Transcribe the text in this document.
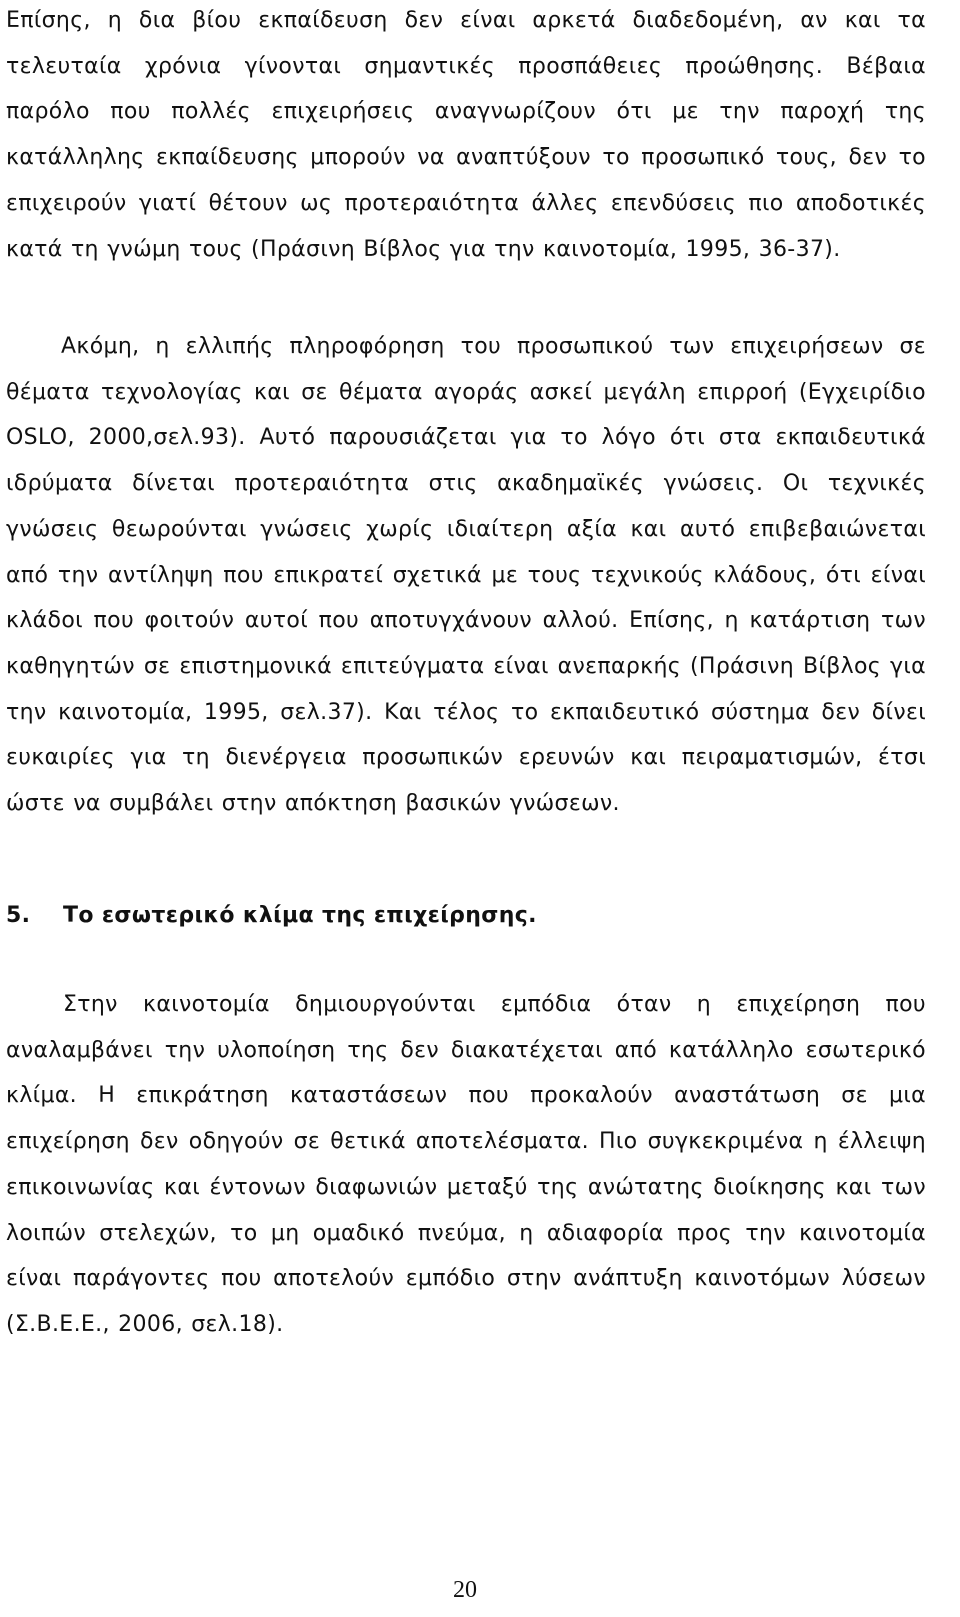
Επίσης, η δια βίου εκπαίδευση δεν είναι αρκετά διαδεδομένη, αν και τα τελευταία χρόνια γίνονται σημαντικές προσπάθειες προώθησης. Βέβαια παρόλο που πολλές επιχειρήσεις αναγνωρίζουν ότι με την παροχή της κατάλληλης εκπαίδευσης μπορούν να αναπτύξουν το προσωπικό τους, δεν το επιχειρούν γιατί θέτουν ως προτεραιότητα άλλες επενδύσεις πιο αποδοτικές κατά τη γνώμη τους (Πράσινη Βίβλος για την καινοτομία, 1995, 36-37).

Ακόμη, η ελλιπής πληροφόρηση του προσωπικού των επιχειρήσεων σε θέματα τεχνολογίας και σε θέματα αγοράς ασκεί μεγάλη επιρροή (Εγχειρίδιο OSLO, 2000,σελ.93). Αυτό παρουσιάζεται για το λόγο ότι στα εκπαιδευτικά ιδρύματα δίνεται προτεραιότητα στις ακαδημαϊκές γνώσεις. Οι τεχνικές γνώσεις θεωρούνται γνώσεις χωρίς ιδιαίτερη αξία και αυτό επιβεβαιώνεται από την αντίληψη που επικρατεί σχετικά με τους τεχνικούς κλάδους, ότι είναι κλάδοι που φοιτούν αυτοί που αποτυγχάνουν αλλού. Επίσης, η κατάρτιση των καθηγητών σε επιστημονικά επιτεύγματα είναι ανεπαρκής (Πράσινη Βίβλος για την καινοτομία, 1995, σελ.37). Και τέλος το εκπαιδευτικό σύστημα δεν δίνει ευκαιρίες για τη διενέργεια προσωπικών ερευνών και πειραματισμών, έτσι ώστε να συμβάλει στην απόκτηση βασικών γνώσεων.

5. Το εσωτερικό κλίμα της επιχείρησης.

Στην καινοτομία δημιουργούνται εμπόδια όταν η επιχείρηση που αναλαμβάνει την υλοποίηση της δεν διακατέχεται από κατάλληλο εσωτερικό κλίμα. Η επικράτηση καταστάσεων που προκαλούν αναστάτωση σε μια επιχείρηση δεν οδηγούν σε θετικά αποτελέσματα. Πιο συγκεκριμένα η έλλειψη επικοινωνίας και έντονων διαφωνιών μεταξύ της ανώτατης διοίκησης και των λοιπών στελεχών, το μη ομαδικό πνεύμα, η αδιαφορία προς την καινοτομία είναι παράγοντες που αποτελούν εμπόδιο στην ανάπτυξη καινοτόμων λύσεων (Σ.Β.Ε.Ε., 2006, σελ.18).

20
